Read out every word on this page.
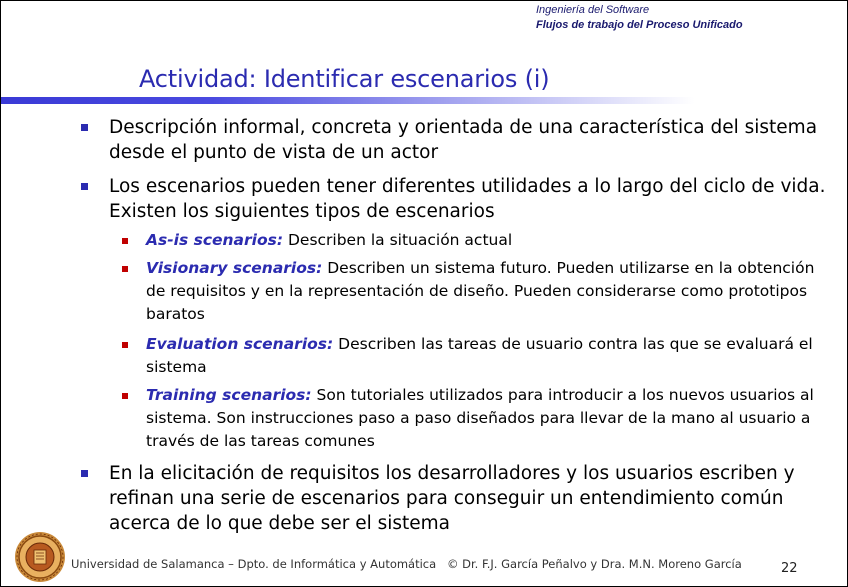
Ingeniería del Software
Flujos de trabajo del Proceso Unificado
Actividad: Identificar escenarios (i)
Descripción informal, concreta y orientada de una característica del sistema desde el punto de vista de un actor
Los escenarios pueden tener diferentes utilidades a lo largo del ciclo de vida. Existen los siguientes tipos de escenarios
As-is scenarios: Describen la situación actual
Visionary scenarios: Describen un sistema futuro. Pueden utilizarse en la obtención de requisitos y en la representación de diseño. Pueden considerarse como prototipos baratos
Evaluation scenarios: Describen las tareas de usuario contra las que se evaluará el sistema
Training scenarios: Son tutoriales utilizados para introducir a los nuevos usuarios al sistema. Son instrucciones paso a paso diseñados para llevar de la mano al usuario a través de las tareas comunes
En la elicitación de requisitos los desarrolladores y los usuarios escriben y refinan una serie de escenarios para conseguir un entendimiento común acerca de lo que debe ser el sistema
Universidad de Salamanca – Dpto. de Informática y Automática © Dr. F.J. García Peñalvo y Dra. M.N. Moreno García	22
